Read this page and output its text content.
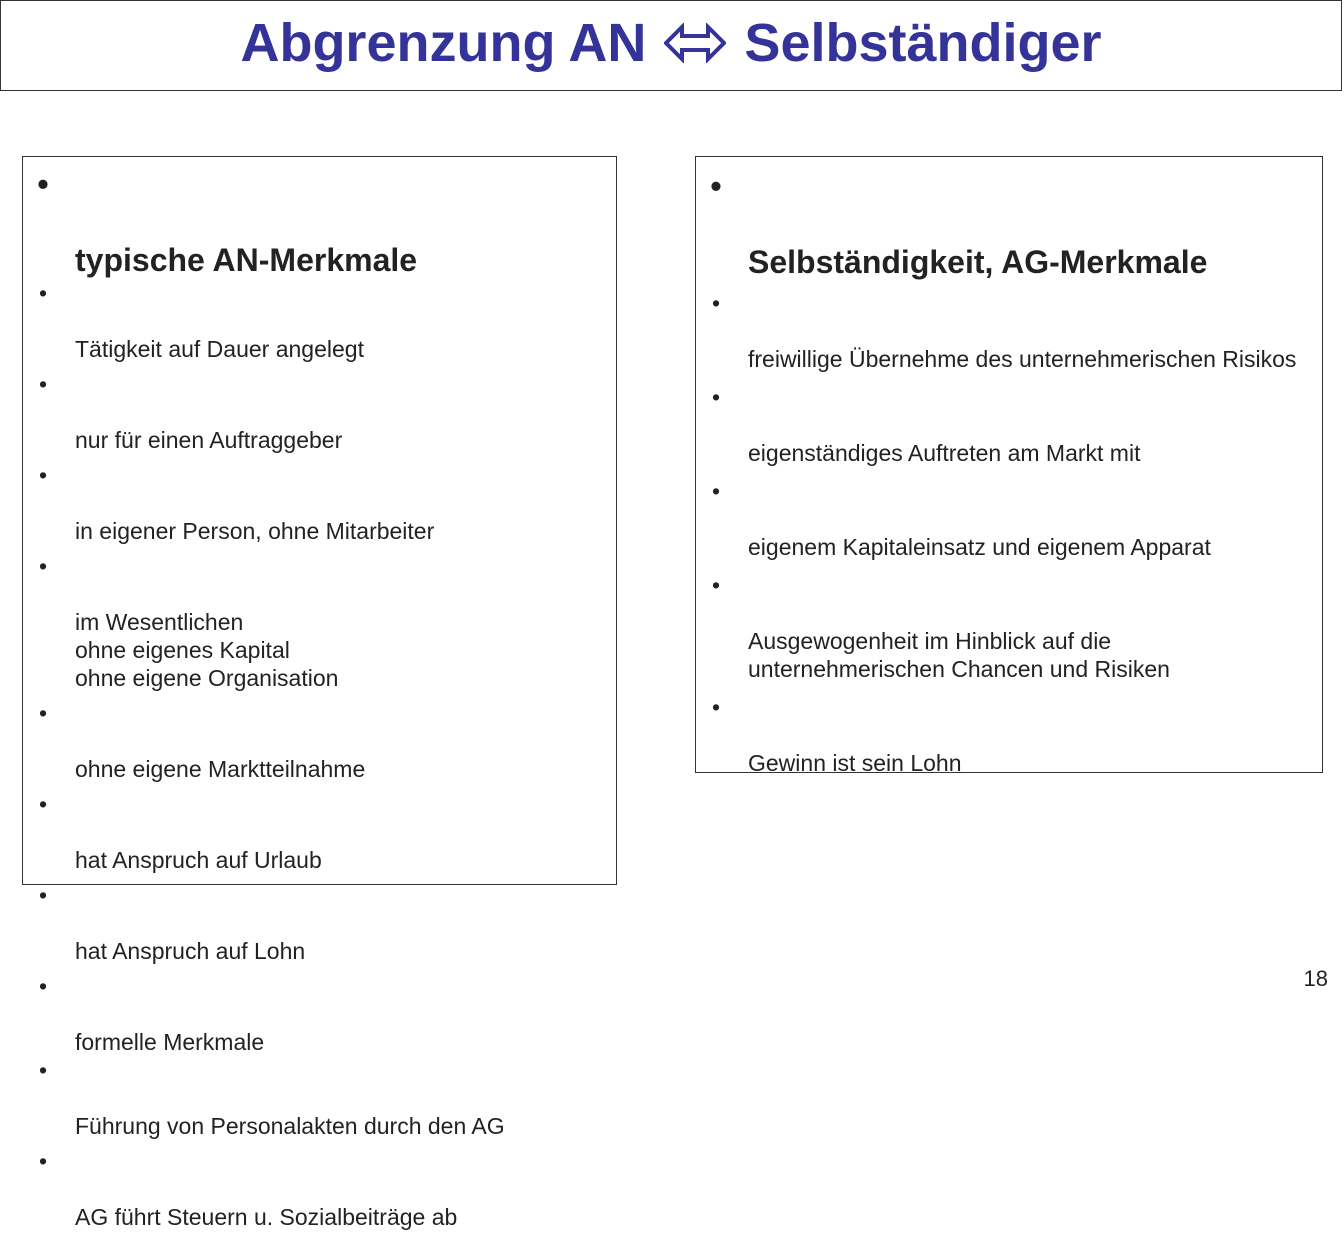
Abgrenzung AN Selbständiger

•

typische AN-Merkmale

•

Tätigkeit auf Dauer angelegt

•

nur für einen Auftraggeber

•

in eigener Person, ohne Mitarbeiter

•

im Wesentlichen
ohne eigenes Kapital
ohne eigene Organisation

•

ohne eigene Marktteilnahme

•

hat Anspruch auf Urlaub

•

hat Anspruch auf Lohn

•

formelle Merkmale

•

Führung von Personalakten durch den AG

•

AG führt Steuern u. Sozialbeiträge ab

•

Selbständigkeit, AG-Merkmale

•

freiwillige Übernehme des unternehmerischen Risikos

•

eigenständiges Auftreten am Markt mit

•

eigenem Kapitaleinsatz und eigenem Apparat

•

Ausgewogenheit im Hinblick auf die unternehmerischen Chancen und Risiken

•

Gewinn ist sein Lohn

18
